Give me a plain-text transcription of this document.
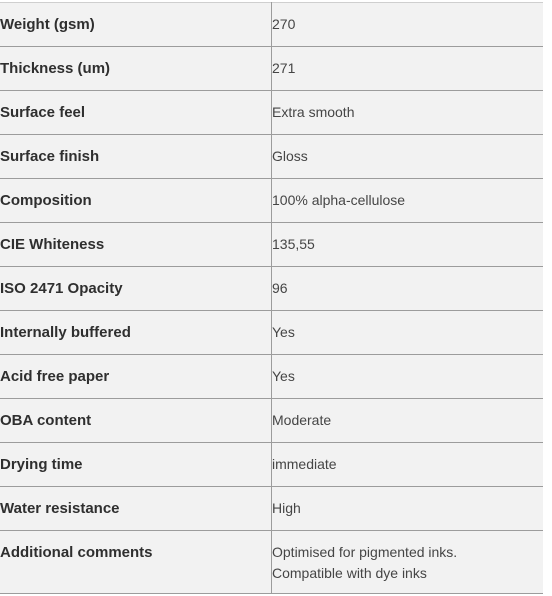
Weight (gsm)	270

Thickness (um)	271

Surface feel	Extra smooth

Surface finish	Gloss

Composition	100% alpha-cellulose

CIE Whiteness	135,55

ISO 2471 Opacity	96

Internally buffered	Yes

Acid free paper	Yes

OBA content	Moderate

Drying time	immediate

Water resistance	High

Additional comments	Optimised for pigmented inks.
Compatible with dye inks
